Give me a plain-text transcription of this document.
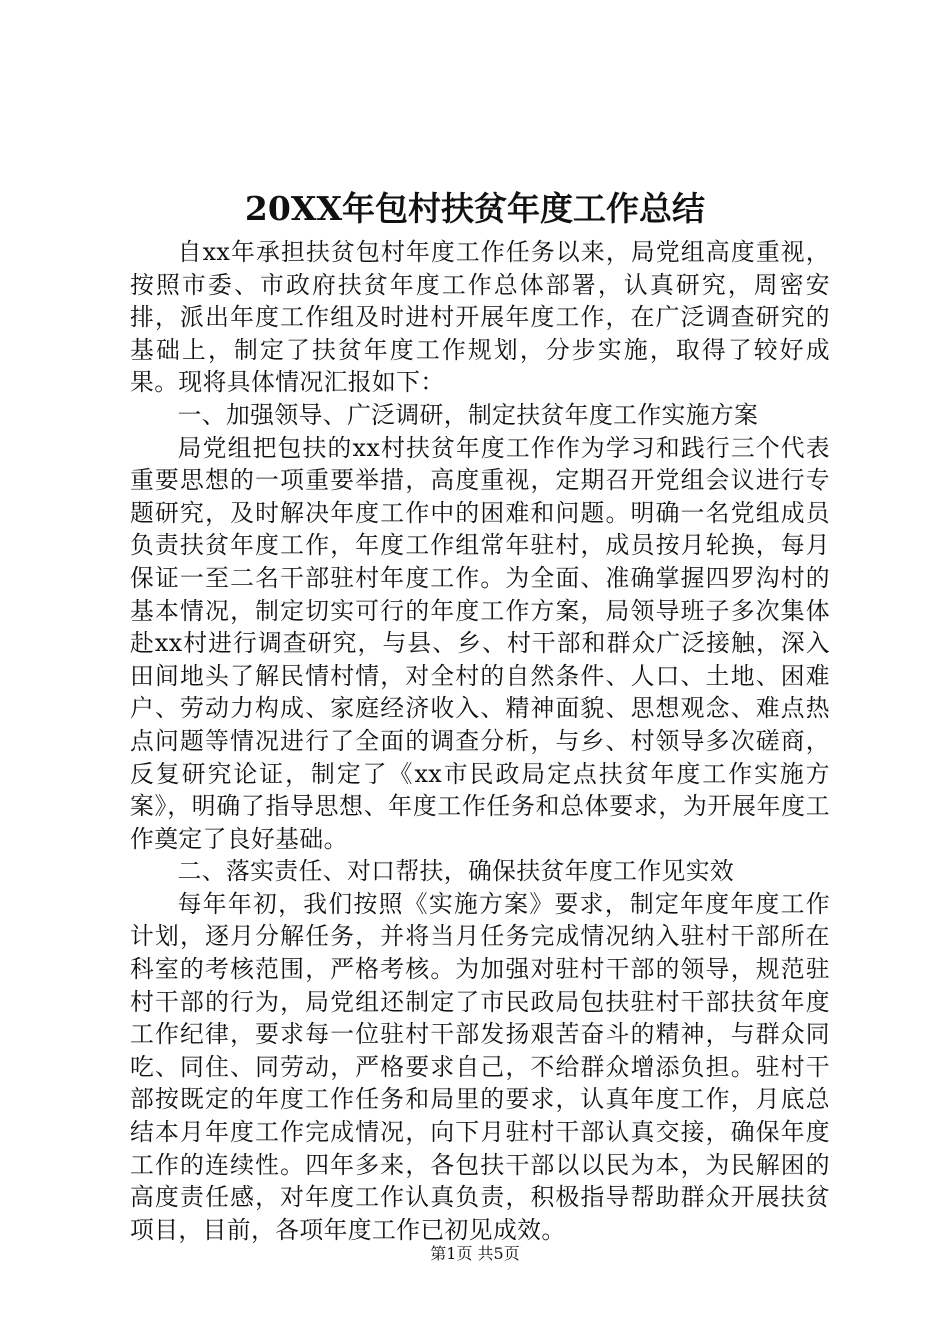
20XX年包村扶贫年度工作总结

自xx年承担扶贫包村年度工作任务以来，局党组高度重视，按照市委、市政府扶贫年度工作总体部署，认真研究，周密安排，派出年度工作组及时进村开展年度工作，在广泛调查研究的基础上，制定了扶贫年度工作规划，分步实施，取得了较好成果。现将具体情况汇报如下：

一、加强领导、广泛调研，制定扶贫年度工作实施方案

局党组把包扶的xx村扶贫年度工作作为学习和践行三个代表重要思想的一项重要举措，高度重视，定期召开党组会议进行专题研究，及时解决年度工作中的困难和问题。明确一名党组成员负责扶贫年度工作，年度工作组常年驻村，成员按月轮换，每月保证一至二名干部驻村年度工作。为全面、准确掌握四罗沟村的基本情况，制定切实可行的年度工作方案，局领导班子多次集体赴xx村进行调查研究，与县、乡、村干部和群众广泛接触，深入田间地头了解民情村情，对全村的自然条件、人口、土地、困难户、劳动力构成、家庭经济收入、精神面貌、思想观念、难点热点问题等情况进行了全面的调查分析，与乡、村领导多次磋商，反复研究论证，制定了《xx市民政局定点扶贫年度工作实施方案》，明确了指导思想、年度工作任务和总体要求，为开展年度工作奠定了良好基础。

二、落实责任、对口帮扶，确保扶贫年度工作见实效

每年年初，我们按照《实施方案》要求，制定年度年度工作计划，逐月分解任务，并将当月任务完成情况纳入驻村干部所在科室的考核范围，严格考核。为加强对驻村干部的领导，规范驻村干部的行为，局党组还制定了市民政局包扶驻村干部扶贫年度工作纪律，要求每一位驻村干部发扬艰苦奋斗的精神，与群众同吃、同住、同劳动，严格要求自己，不给群众增添负担。驻村干部按既定的年度工作任务和局里的要求，认真年度工作，月底总结本月年度工作完成情况，向下月驻村干部认真交接，确保年度工作的连续性。四年多来，各包扶干部以以民为本，为民解困的高度责任感，对年度工作认真负责，积极指导帮助群众开展扶贫项目，目前，各项年度工作已初见成效。

第1页 共5页
